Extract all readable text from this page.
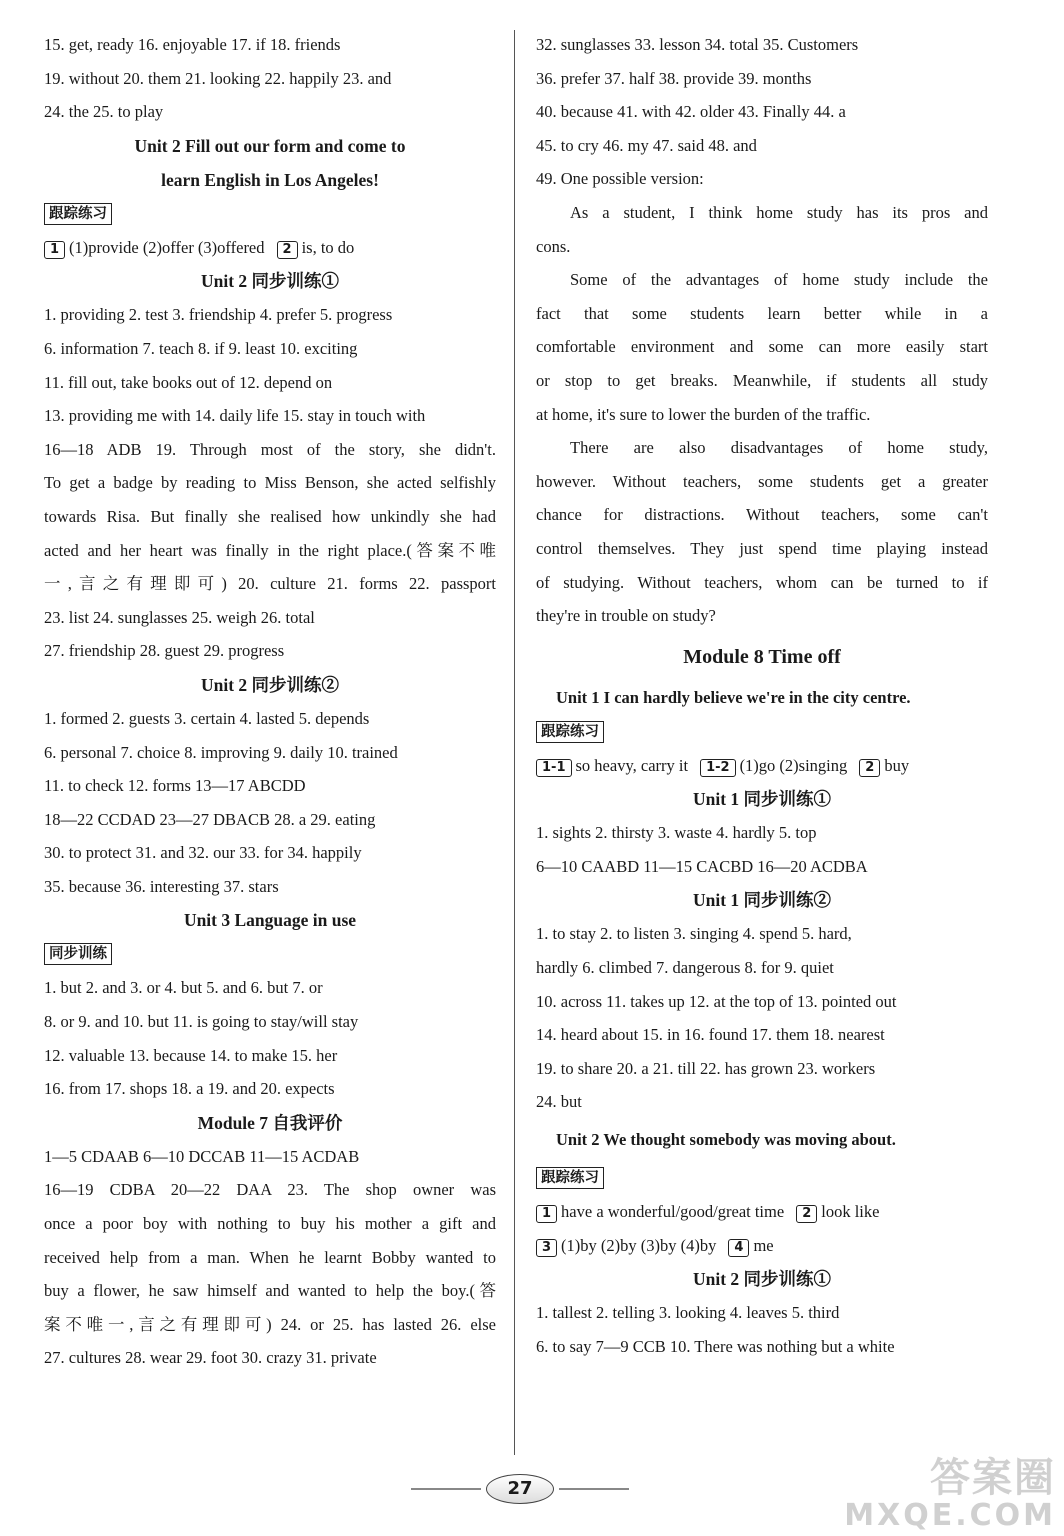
15. get, ready 16. enjoyable 17. if 18. friends
19. without 20. them 21. looking 22. happily 23. and
24. the 25. to play
Unit 2 Fill out our form and come to
learn English in Los Angeles!
跟踪练习
1 (1)provide (2)offer (3)offered 2 is, to do
Unit 2 同步训练①
1. providing 2. test 3. friendship 4. prefer 5. progress
6. information 7. teach 8. if 9. least 10. exciting
11. fill out, take books out of 12. depend on
13. providing me with 14. daily life 15. stay in touch with
16—18 ADB 19. Through most of the story, she didn't.
To get a badge by reading to Miss Benson, she acted selfishly
towards Risa. But finally she realised how unkindly she had
acted and her heart was finally in the right place.(答案不唯
一,言之有理即可) 20. culture 21. forms 22. passport
23. list 24. sunglasses 25. weigh 26. total
27. friendship 28. guest 29. progress
Unit 2 同步训练②
1. formed 2. guests 3. certain 4. lasted 5. depends
6. personal 7. choice 8. improving 9. daily 10. trained
11. to check 12. forms 13—17 ABCDD
18—22 CCDAD 23—27 DBACB 28. a 29. eating
30. to protect 31. and 32. our 33. for 34. happily
35. because 36. interesting 37. stars
Unit 3 Language in use
同步训练
1. but 2. and 3. or 4. but 5. and 6. but 7. or
8. or 9. and 10. but 11. is going to stay/will stay
12. valuable 13. because 14. to make 15. her
16. from 17. shops 18. a 19. and 20. expects
Module 7 自我评价
1—5 CDAAB 6—10 DCCAB 11—15 ACDAB
16—19 CDBA 20—22 DAA 23. The shop owner was
once a poor boy with nothing to buy his mother a gift and
received help from a man. When he learnt Bobby wanted to
buy a flower, he saw himself and wanted to help the boy.(答
案不唯一,言之有理即可) 24. or 25. has lasted 26. else
27. cultures 28. wear 29. foot 30. crazy 31. private
32. sunglasses 33. lesson 34. total 35. Customers
36. prefer 37. half 38. provide 39. months
40. because 41. with 42. older 43. Finally 44. a
45. to cry 46. my 47. said 48. and
49. One possible version:
As a student, I think home study has its pros and
cons.
Some of the advantages of home study include the
fact that some students learn better while in a
comfortable environment and some can more easily start
or stop to get breaks. Meanwhile, if students all study
at home, it's sure to lower the burden of the traffic.
There are also disadvantages of home study,
however. Without teachers, some students get a greater
chance for distractions. Without teachers, some can't
control themselves. They just spend time playing instead
of studying. Without teachers, whom can be turned to if
they're in trouble on study?
Module 8 Time off
Unit 1 I can hardly believe we're in the city centre.
跟踪练习
1-1 so heavy, carry it 1-2 (1)go (2)singing 2 buy
Unit 1 同步训练①
1. sights 2. thirsty 3. waste 4. hardly 5. top
6—10 CAABD 11—15 CACBD 16—20 ACDBA
Unit 1 同步训练②
1. to stay 2. to listen 3. singing 4. spend 5. hard,
hardly 6. climbed 7. dangerous 8. for 9. quiet
10. across 11. takes up 12. at the top of 13. pointed out
14. heard about 15. in 16. found 17. them 18. nearest
19. to share 20. a 21. till 22. has grown 23. workers
24. but
Unit 2 We thought somebody was moving about.
跟踪练习
1 have a wonderful/good/great time 2 look like
3 (1)by (2)by (3)by (4)by 4 me
Unit 2 同步训练①
1. tallest 2. telling 3. looking 4. leaves 5. third
6. to say 7—9 CCB 10. There was nothing but a white
27	答案圈
MXQE.COM
